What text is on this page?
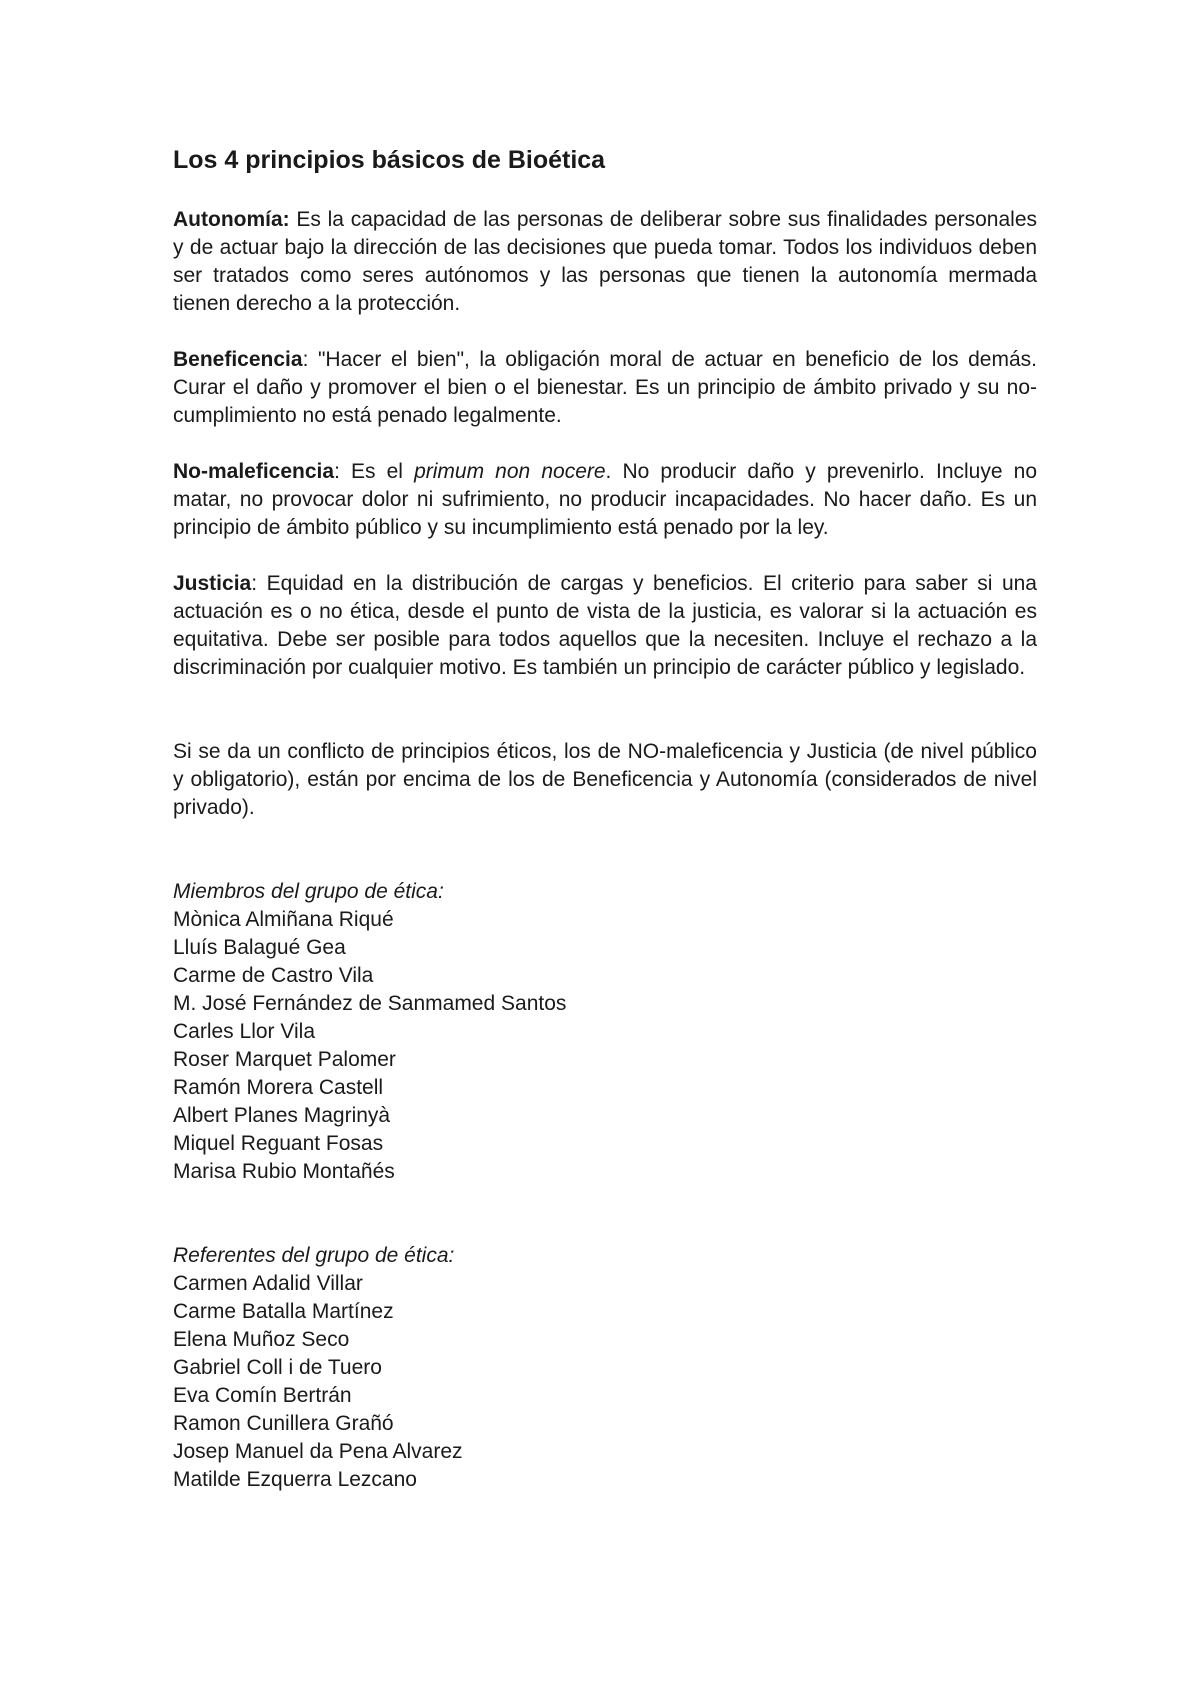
Los 4 principios básicos de Bioética

Autonomía: Es la capacidad de las personas de deliberar sobre sus finalidades personales y de actuar bajo la dirección de las decisiones que pueda tomar. Todos los individuos deben ser tratados como seres autónomos y las personas que tienen la autonomía mermada tienen derecho a la protección.

Beneficencia: "Hacer el bien", la obligación moral de actuar en beneficio de los demás. Curar el daño y promover el bien o el bienestar. Es un principio de ámbito privado y su no-cumplimiento no está penado legalmente.

No-maleficencia: Es el primum non nocere. No producir daño y prevenirlo. Incluye no matar, no provocar dolor ni sufrimiento, no producir incapacidades. No hacer daño. Es un principio de ámbito público y su incumplimiento está penado por la ley.

Justicia: Equidad en la distribución de cargas y beneficios. El criterio para saber si una actuación es o no ética, desde el punto de vista de la justicia, es valorar si la actuación es equitativa. Debe ser posible para todos aquellos que la necesiten. Incluye el rechazo a la discriminación por cualquier motivo. Es también un principio de carácter público y legislado.

Si se da un conflicto de principios éticos, los de NO-maleficencia y Justicia (de nivel público y obligatorio), están por encima de los de Beneficencia y Autonomía (considerados de nivel privado).

Miembros del grupo de ética:

Mònica Almiñana Riqué
Lluís Balagué Gea
Carme de Castro Vila
M. José Fernández de Sanmamed Santos
Carles Llor Vila
Roser Marquet Palomer
Ramón Morera Castell
Albert Planes Magrinyà
Miquel Reguant Fosas
Marisa Rubio Montañés

Referentes del grupo de ética:

Carmen Adalid Villar
Carme Batalla Martínez
Elena Muñoz Seco
Gabriel Coll i de Tuero
Eva Comín Bertrán
Ramon Cunillera Grañó
Josep Manuel da Pena Alvarez
Matilde Ezquerra Lezcano
